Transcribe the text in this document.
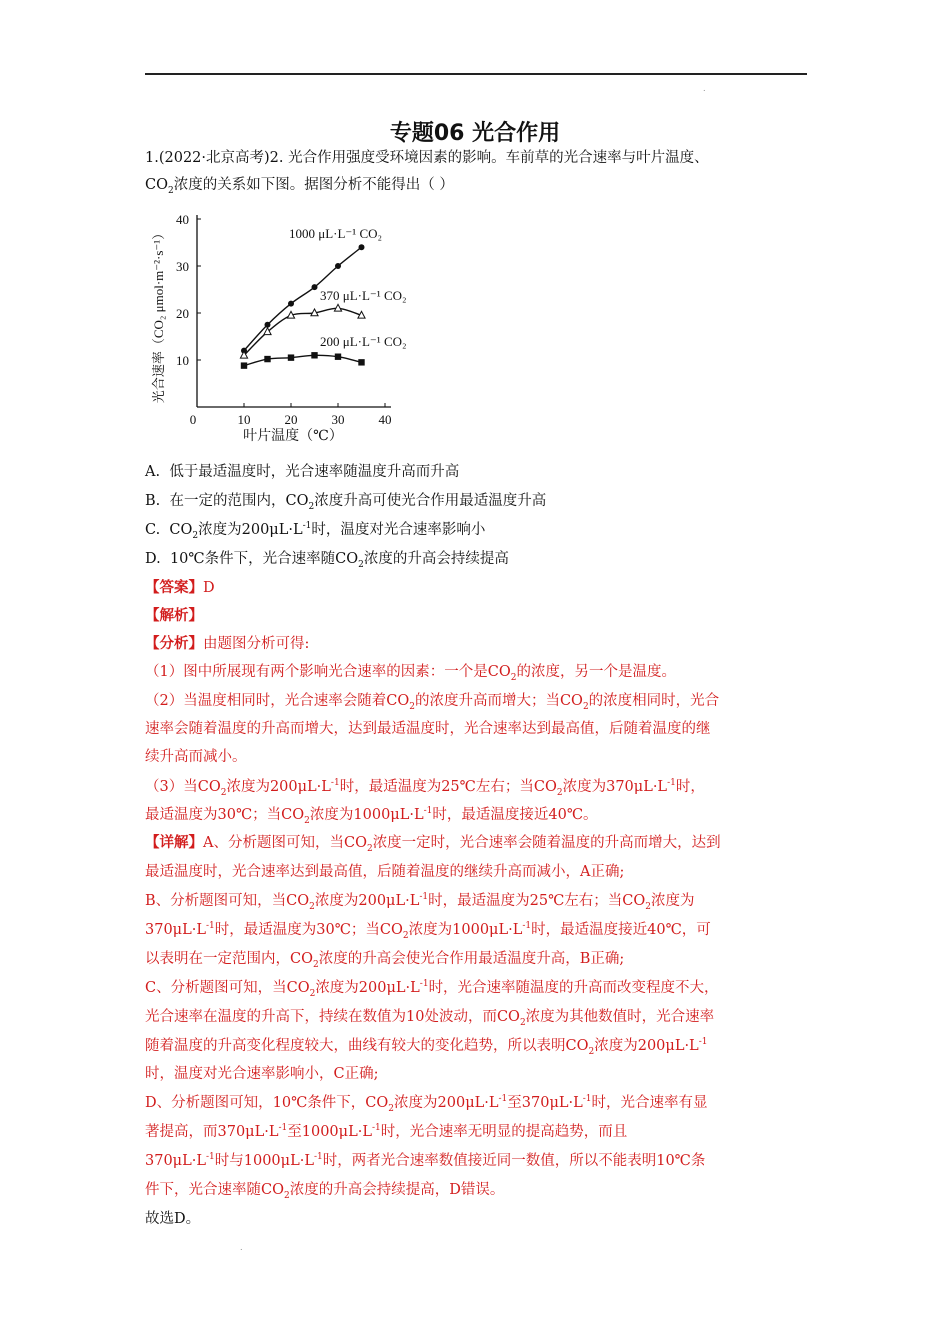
.
.
专题06 光合作用
1.(2022·北京高考)2. 光合作用强度受环境因素的影响。车前草的光合速率与叶片温度、
$CO_2$浓度的关系如下图。据图分析不能得出（ ）
10
20
30
40
0	10	20	30	40
叶片温度（℃）
光合速率（CO₂ μmol·m⁻²·s⁻¹）	1000 μL·L⁻¹ CO₂
370 μL·L⁻¹ CO₂
200 μL·L⁻¹ CO₂
A. 低于最适温度时，光合速率随温度升高而升高
B. 在一定的范围内，$CO_2$浓度升高可使光合作用最适温度升高
C. $CO_2$浓度为$200\mu L\cdot L^{-1}$时，温度对光合速率影响小
D. 10℃条件下，光合速率随$CO_2$浓度的升高会持续提高
【答案】D
【解析】
【分析】由题图分析可得:
（1）图中所展现有两个影响光合速率的因素：一个是$CO_2$的浓度，另一个是温度。
（2）当温度相同时，光合速率会随着$CO_2$的浓度升高而增大；当$CO_2$的浓度相同时，光合
速率会随着温度的升高而增大，达到最适温度时，光合速率达到最高值，后随着温度的继
续升高而减小。
（3）当$CO_2$浓度为$200\mu L\cdot L^{-1}$时，最适温度为25℃左右；当$CO_2$浓度为$370\mu L\cdot L^{-1}$时，
最适温度为30℃；当$CO_2$浓度为$1000\mu L\cdot L^{-1}$时，最适温度接近40℃。
【详解】A、分析题图可知，当$CO_2$浓度一定时，光合速率会随着温度的升高而增大，达到
最适温度时，光合速率达到最高值，后随着温度的继续升高而减小，A正确;
B、分析题图可知，当$CO_2$浓度为$200\mu L\cdot L^{-1}$时，最适温度为25℃左右；当$CO_2$浓度为
$370\mu L\cdot L^{-1}$时，最适温度为30℃；当$CO_2$浓度为$1000\mu L\cdot L^{-1}$时，最适温度接近40℃，可
以表明在一定范围内，$CO_2$浓度的升高会使光合作用最适温度升高，B正确;
C、分析题图可知，当$CO_2$浓度为$200\mu L\cdot L^{-1}$时，光合速率随温度的升高而改变程度不大，
光合速率在温度的升高下，持续在数值为10处波动，而$CO_2$浓度为其他数值时，光合速率
随着温度的升高变化程度较大，曲线有较大的变化趋势，所以表明$CO_2$浓度为$200\mu L\cdot L^{-1}$
时，温度对光合速率影响小，C正确;
D、分析题图可知，10℃条件下，$CO_2$浓度为$200\mu L\cdot L^{-1}$至$370\mu L\cdot L^{-1}$时，光合速率有显
著提高，而$370\mu L\cdot L^{-1}$至$1000\mu L\cdot L^{-1}$时，光合速率无明显的提高趋势，而且
$370\mu L\cdot L^{-1}$时与$1000\mu L\cdot L^{-1}$时，两者光合速率数值接近同一数值，所以不能表明10℃条
件下，光合速率随$CO_2$浓度的升高会持续提高，D错误。
故选D。
